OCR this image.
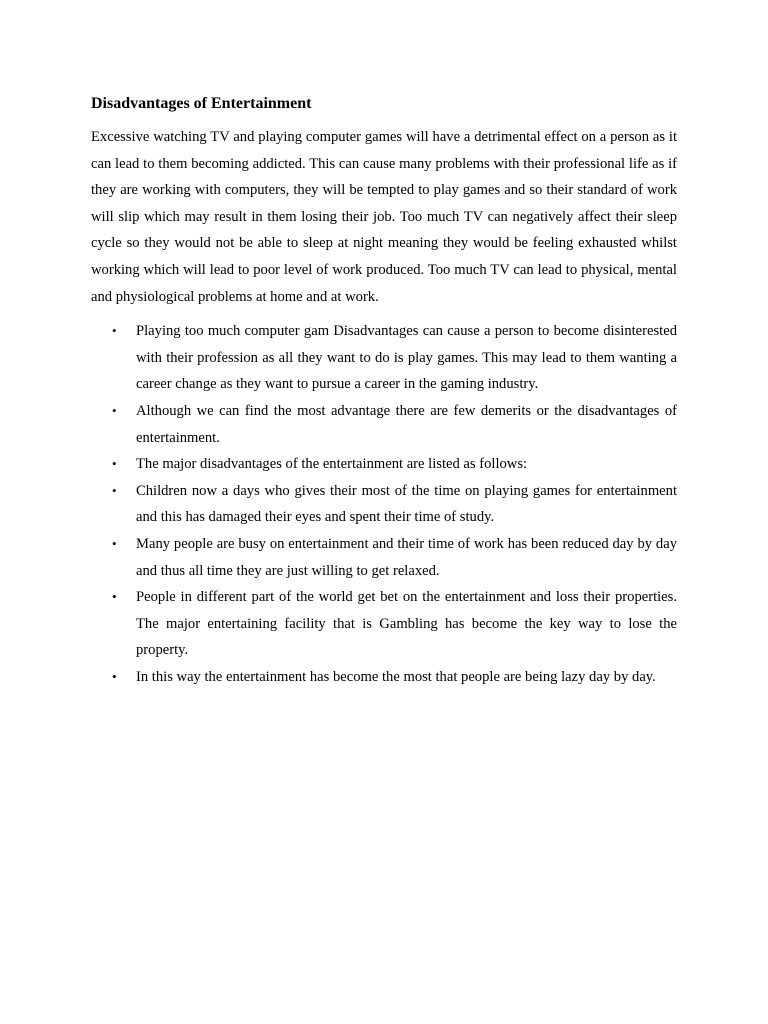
Disadvantages of Entertainment

Excessive watching TV and playing computer games will have a detrimental effect on a person as it can lead to them becoming addicted. This can cause many problems with their professional life as if they are working with computers, they will be tempted to play games and so their standard of work will slip which may result in them losing their job. Too much TV can negatively affect their sleep cycle so they would not be able to sleep at night meaning they would be feeling exhausted whilst working which will lead to poor level of work produced. Too much TV can lead to physical, mental and physiological problems at home and at work.

• Playing too much computer gam Disadvantages can cause a person to become disinterested with their profession as all they want to do is play games. This may lead to them wanting a career change as they want to pursue a career in the gaming industry.
• Although we can find the most advantage there are few demerits or the disadvantages of entertainment.
• The major disadvantages of the entertainment are listed as follows:
• Children now a days who gives their most of the time on playing games for entertainment and this has damaged their eyes and spent their time of study.
• Many people are busy on entertainment and their time of work has been reduced day by day and thus all time they are just willing to get relaxed.
• People in different part of the world get bet on the entertainment and loss their properties. The major entertaining facility that is Gambling has become the key way to lose the property.
• In this way the entertainment has become the most that people are being lazy day by day.
